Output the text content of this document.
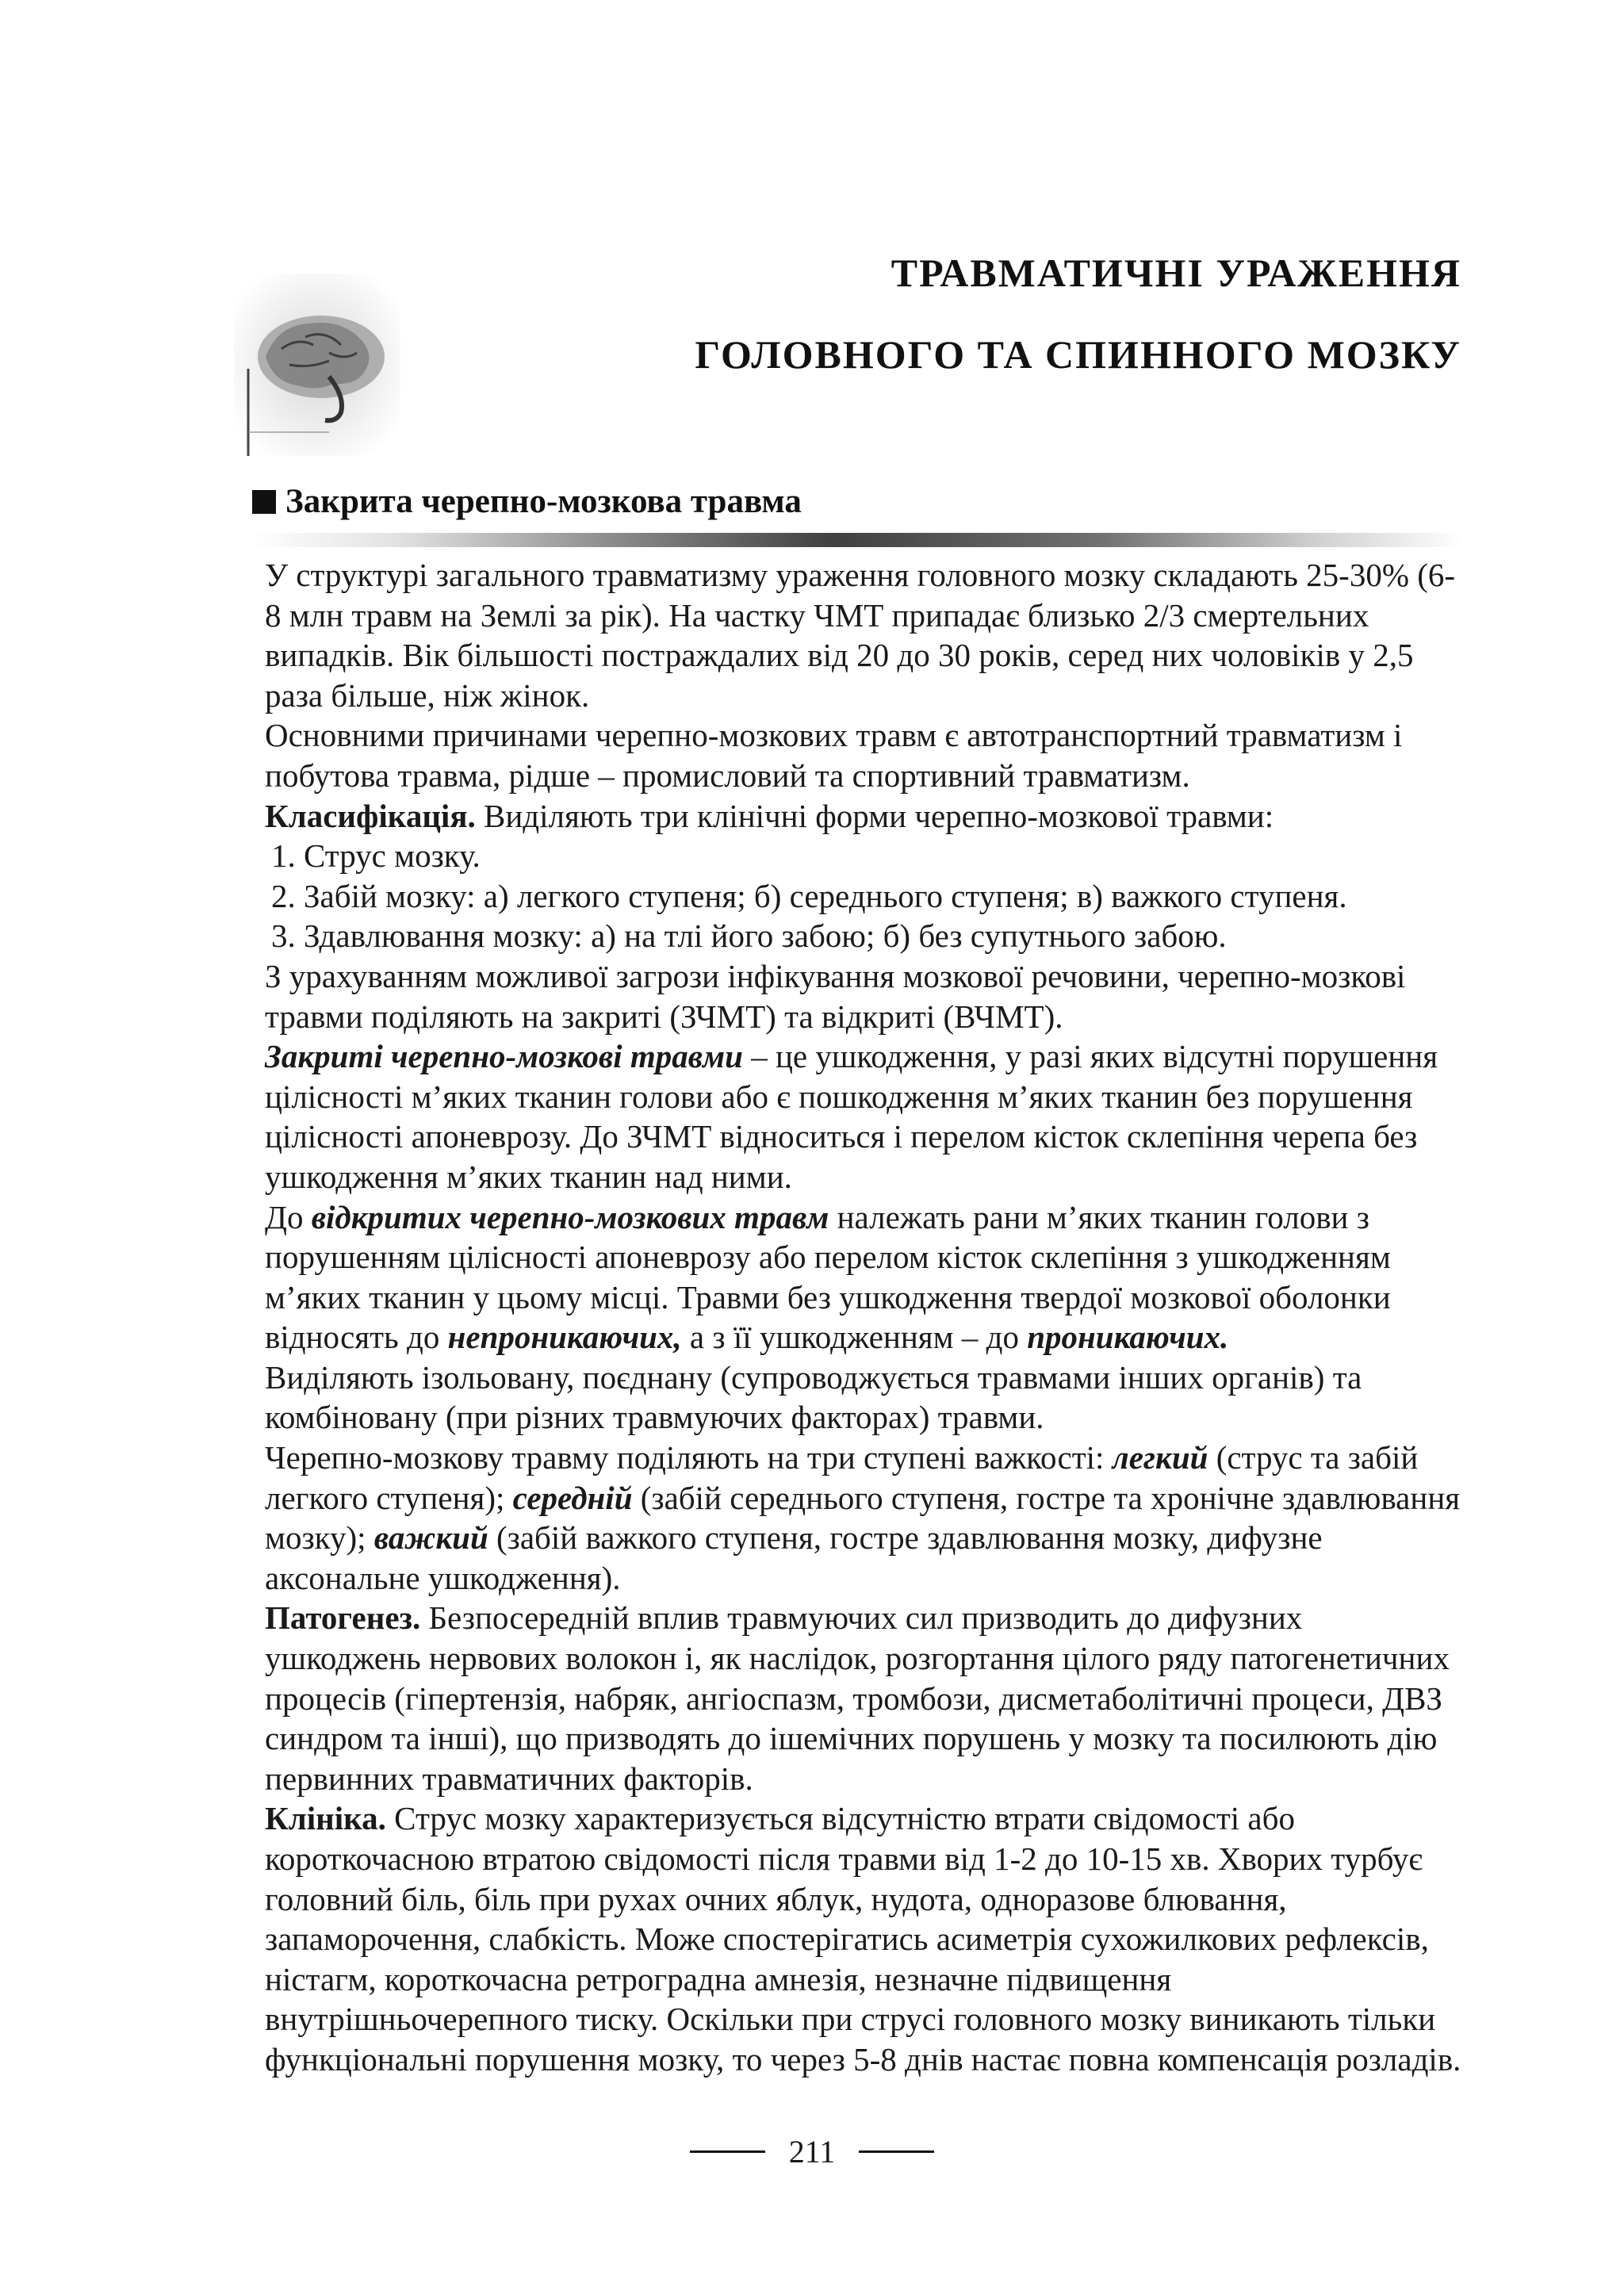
ТРАВМАТИЧНІ УРАЖЕННЯ
ГОЛОВНОГО ТА СПИННОГО МОЗКУ
Закрита черепно-мозкова травма

У структурі загального травматизму ураження головного мозку складають 25-30% (6-8 млн травм на Землі за рік). На частку ЧМТ припадає близько 2/3 смертельних випадків. Вік більшості постраждалих від 20 до 30 років, серед них чоловіків у 2,5 раза більше, ніж жінок.

Основними причинами черепно-мозкових травм є автотранспортний травматизм і побутова травма, рідше – промисловий та спортивний травматизм.

Класифікація. Виділяють три клінічні форми черепно-мозкової травми:

1. Струс мозку.

2. Забій мозку: а) легкого ступеня; б) середнього ступеня; в) важкого ступеня.

3. Здавлювання мозку: а) на тлі його забою; б) без супутнього забою.

З урахуванням можливої загрози інфікування мозкової речовини, черепно-мозкові травми поділяють на закриті (ЗЧМТ) та відкриті (ВЧМТ).

Закриті черепно-мозкові травми – це ушкодження, у разі яких відсутні порушення цілісності м’яких тканин голови або є пошкодження м’яких тканин без порушення цілісності апоневрозу. До ЗЧМТ відноситься і перелом кісток склепіння черепа без ушкодження м’яких тканин над ними.

До відкритих черепно-мозкових травм належать рани м’яких тканин голови з порушенням цілісності апоневрозу або перелом кісток склепіння з ушкодженням м’яких тканин у цьому місці. Травми без ушкодження твердої мозкової оболонки відносять до непроникаючих, а з її ушкодженням – до проникаючих.

Виділяють ізольовану, поєднану (супроводжується травмами інших органів) та комбіновану (при різних травмуючих факторах) травми.

Черепно-мозкову травму поділяють на три ступені важкості: легкий (струс та забій легкого ступеня); середній (забій середнього ступеня, гостре та хронічне здавлювання мозку); важкий (забій важкого ступеня, гостре здавлювання мозку, дифузне аксональне ушкодження).

Патогенез. Безпосередній вплив травмуючих сил призводить до дифузних ушкоджень нервових волокон і, як наслідок, розгортання цілого ряду патогенетичних процесів (гіпертензія, набряк, ангіоспазм, тромбози, дисметаболітичні процеси, ДВЗ синдром та інші), що призводять до ішемічних порушень у мозку та посилюють дію первинних травматичних факторів.

Клініка. Струс мозку характеризується відсутністю втрати свідомості або короткочасною втратою свідомості після травми від 1-2 до 10-15 хв. Хворих турбує головний біль, біль при рухах очних яблук, нудота, одноразове блювання, запаморочення, слабкість. Може спостерігатись асиметрія сухожилкових рефлексів, ністагм, короткочасна ретроградна амнезія, незначне підвищення внутрішньочерепного тиску. Оскільки при струсі головного мозку виникають тільки функціональні порушення мозку, то через 5-8 днів настає повна компенсація розладів.

211
